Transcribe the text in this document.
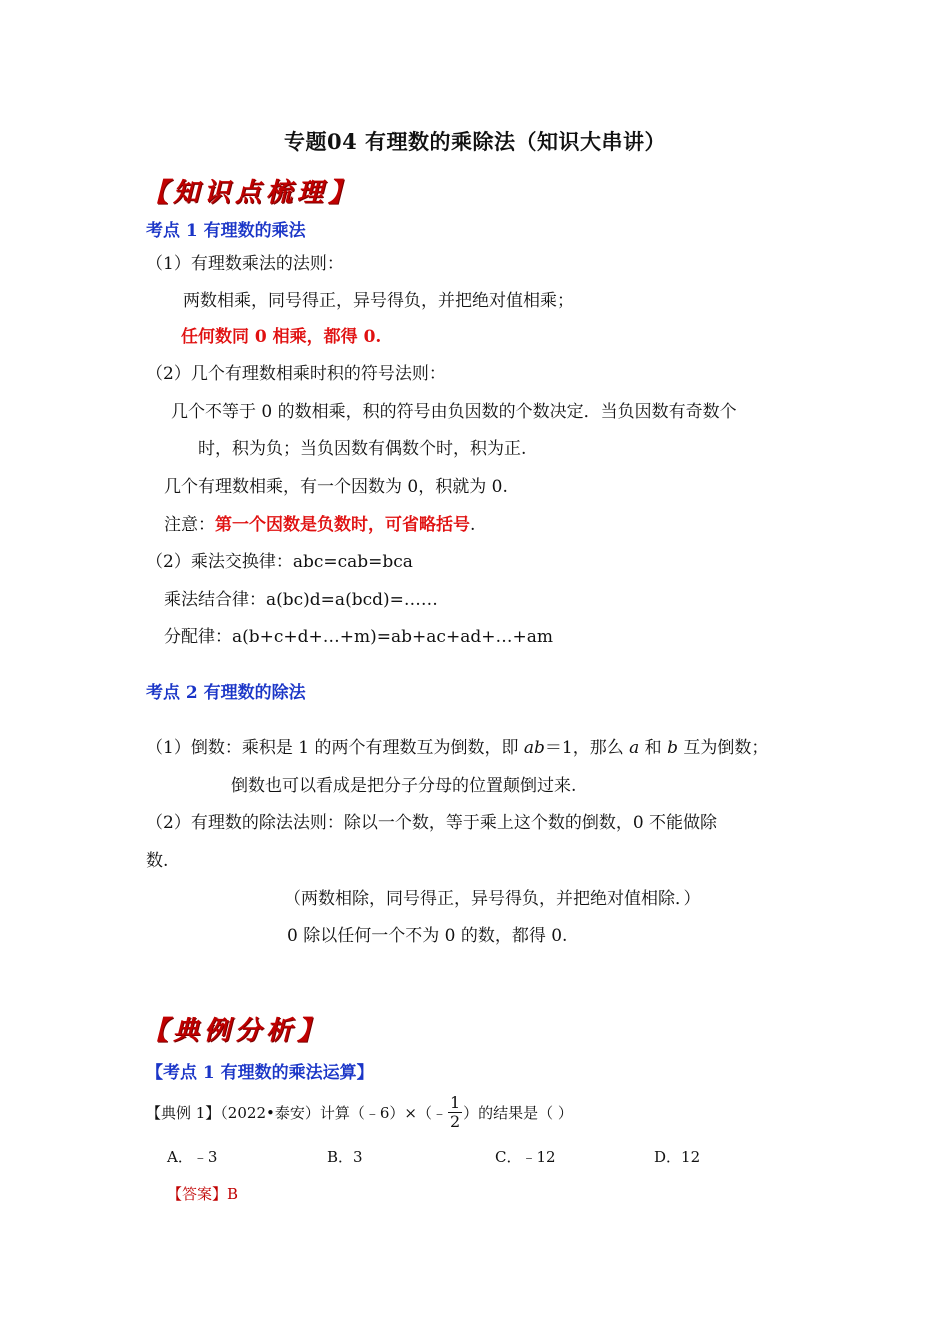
专题04 有理数的乘除法（知识大串讲）
【知识点梳理】
考点 1 有理数的乘法
（1）有理数乘法的法则：
两数相乘，同号得正，异号得负，并把绝对值相乘；
任何数同 0 相乘，都得 0.
（2）几个有理数相乘时积的符号法则：
几个不等于 0 的数相乘，积的符号由负因数的个数决定．当负因数有奇数个
时，积为负；当负因数有偶数个时，积为正.
几个有理数相乘，有一个因数为 0，积就为 0.
注意：第一个因数是负数时，可省略括号.
（2）乘法交换律：abc=cab=bca
乘法结合律：a(bc)d=a(bcd)=……
分配律：a(b+c+d+…+m)=ab+ac+ad+…+am
考点 2 有理数的除法
（1）倒数：乘积是 1 的两个有理数互为倒数，即 ab＝1，那么 a 和 b 互为倒数；
倒数也可以看成是把分子分母的位置颠倒过来.
（2）有理数的除法法则：除以一个数，等于乘上这个数的倒数，0 不能做除
数.
（两数相除，同号得正，异号得负，并把绝对值相除．）
0 除以任何一个不为 0 的数，都得 0.
【典例分析】
【考点 1 有理数的乘法运算】
【典例 1】（2022•泰安）计算（﹣6）×（﹣ $\frac{1}{2}$ ）的结果是（ ）
A．﹣3	B．3	C．﹣12	D．12
【答案】B
